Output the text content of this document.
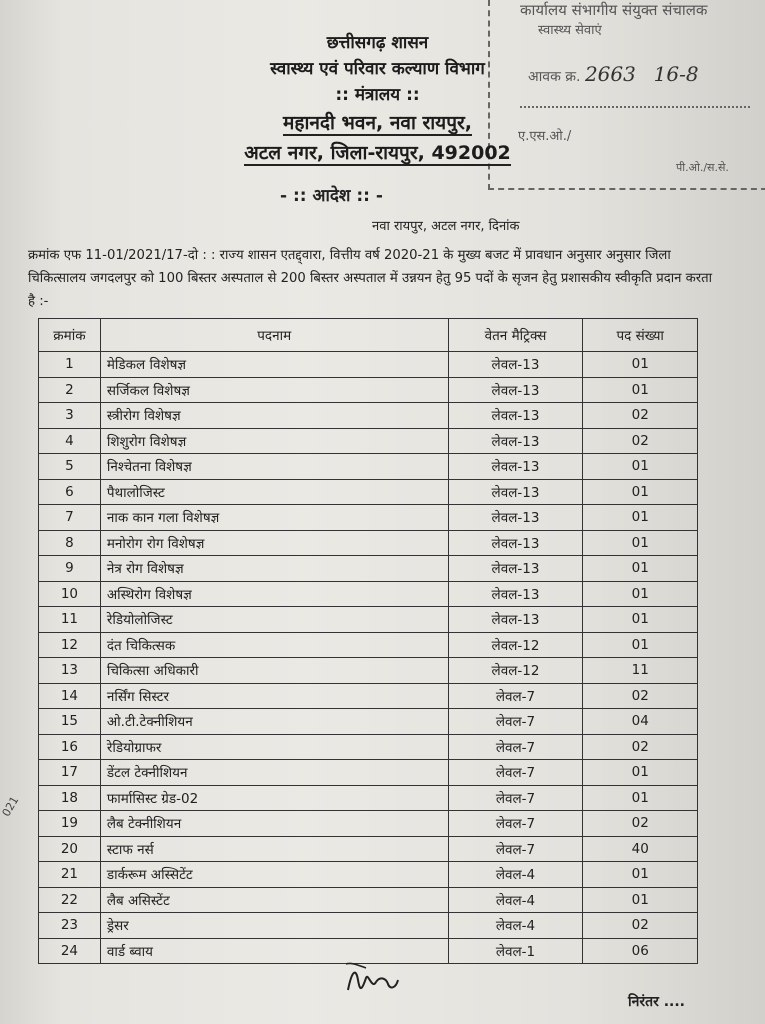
कार्यालय संभागीय संयुक्त संचालक
स्वास्थ्य सेवाएं
आवक क्र. 2663 16-8
ए.एस.ओ./
पी.ओ./स.से.
छत्तीसगढ़ शासन
स्वास्थ्य एवं परिवार कल्याण विभाग
:: मंत्रालय ::
महानदी भवन, नवा रायपुर,
अटल नगर, जिला-रायपुर, 492002
- :: आदेश :: -
नवा रायपुर, अटल नगर, दिनांक
क्रमांक एफ 11-01/2021/17-दो : : राज्य शासन एतद्द्वारा, वित्तीय वर्ष 2020-21 के मुख्य बजट में प्रावधान अनुसार अनुसार जिला चिकित्सालय जगदलपुर को 100 बिस्तर अस्पताल से 200 बिस्तर अस्पताल में उन्नयन हेतु 95 पदों के सृजन हेतु प्रशासकीय स्वीकृति प्रदान करता है :-
क्रमांक	पदनाम	वेतन मैट्रिक्स	पद संख्या
1	मेडिकल विशेषज्ञ	लेवल-13	01
2	सर्जिकल विशेषज्ञ	लेवल-13	01
3	स्त्रीरोग विशेषज्ञ	लेवल-13	02
4	शिशुरोग विशेषज्ञ	लेवल-13	02
5	निश्चेतना विशेषज्ञ	लेवल-13	01
6	पैथालोजिस्ट	लेवल-13	01
7	नाक कान गला विशेषज्ञ	लेवल-13	01
8	मनोरोग रोग विशेषज्ञ	लेवल-13	01
9	नेत्र रोग विशेषज्ञ	लेवल-13	01
10	अस्थिरोग विशेषज्ञ	लेवल-13	01
11	रेडियोलोजिस्ट	लेवल-13	01
12	दंत चिकित्सक	लेवल-12	01
13	चिकित्सा अधिकारी	लेवल-12	11
14	नर्सिंग सिस्टर	लेवल-7	02
15	ओ.टी.टेक्नीशियन	लेवल-7	04
16	रेडियोग्राफर	लेवल-7	02
17	डेंटल टेक्नीशियन	लेवल-7	01
18	फार्मासिस्ट ग्रेड-02	लेवल-7	01
19	लैब टेक्नीशियन	लेवल-7	02
20	स्टाफ नर्स	लेवल-7	40
21	डार्करूम अस्सिटेंट	लेवल-4	01
22	लैब असिस्टेंट	लेवल-4	01
23	ड्रेसर	लेवल-4	02
24	वार्ड ब्वाय	लेवल-1	06
निरंतर ....
021
